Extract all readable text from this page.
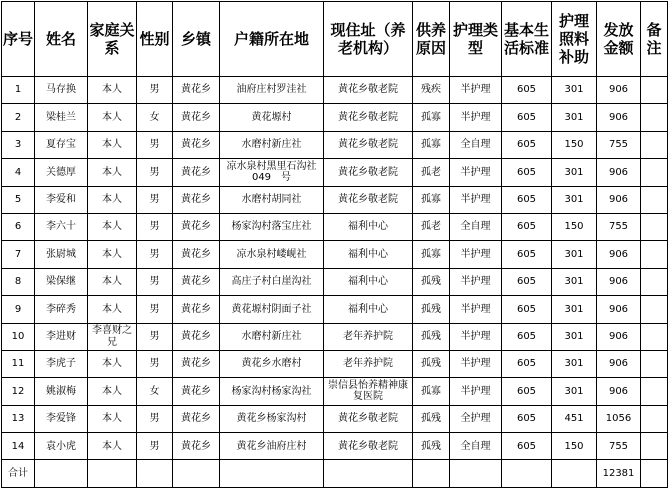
序号	姓名	家庭关系	性别	乡镇	户籍所在地	现住址（养老机构）	供养原因	护理类型	基本生活标准	护理照料补助	发放金额	备注
1	马存换	本人	男	黄花乡	油府庄村罗洼社	黄花乡敬老院	残疾	半护理	605	301	906	
2	梁桂兰	本人	女	黄花乡	黄花塬村	黄花乡敬老院	孤寡	半护理	605	301	906	
3	夏存宝	本人	男	黄花乡	水磨村新庄社	黄花乡敬老院	孤寡	全自理	605	150	755	
4	关德厚	本人	男	黄花乡	凉水泉村黑里石沟社049　号	黄花乡敬老院	孤老	半护理	605	301	906	
5	李爱和	本人	男	黄花乡	水磨村胡同社	黄花乡敬老院	孤寡	半护理	605	301	906	
6	李六十	本人	男	黄花乡	杨家沟村落宝庄社	福利中心	孤老	全自理	605	150	755	
7	张尉城	本人	男	黄花乡	凉水泉村嵝岘社	福利中心	孤寡	半护理	605	301	906	
8	梁保继	本人	男	黄花乡	高庄子村白崖沟社	福利中心	孤残	半护理	605	301	906	
9	李碎秀	本人	男	黄花乡	黄花塬村阴面子社	福利中心	孤残	半护理	605	301	906	
10	李进财	李喜财之兄	男	黄花乡	水磨村新庄社	老年养护院	孤残	半护理	605	301	906	
11	李虎子	本人	男	黄花乡	黄花乡水磨村	老年养护院	孤残	半护理	605	301	906	
12	姚淑梅	本人	女	黄花乡	杨家沟村杨家沟社	崇信县怡养精神康复医院	孤寡	半护理	605	301	906	
13	李爱锋	本人	男	黄花乡	黄花乡杨家沟村	黄花乡敬老院	孤残	全护理	605	451	1056	
14	袁小虎	本人	男	黄花乡	黄花乡油府庄村	黄花乡敬老院	孤残	全自理	605	150	755	
合计											12381	
